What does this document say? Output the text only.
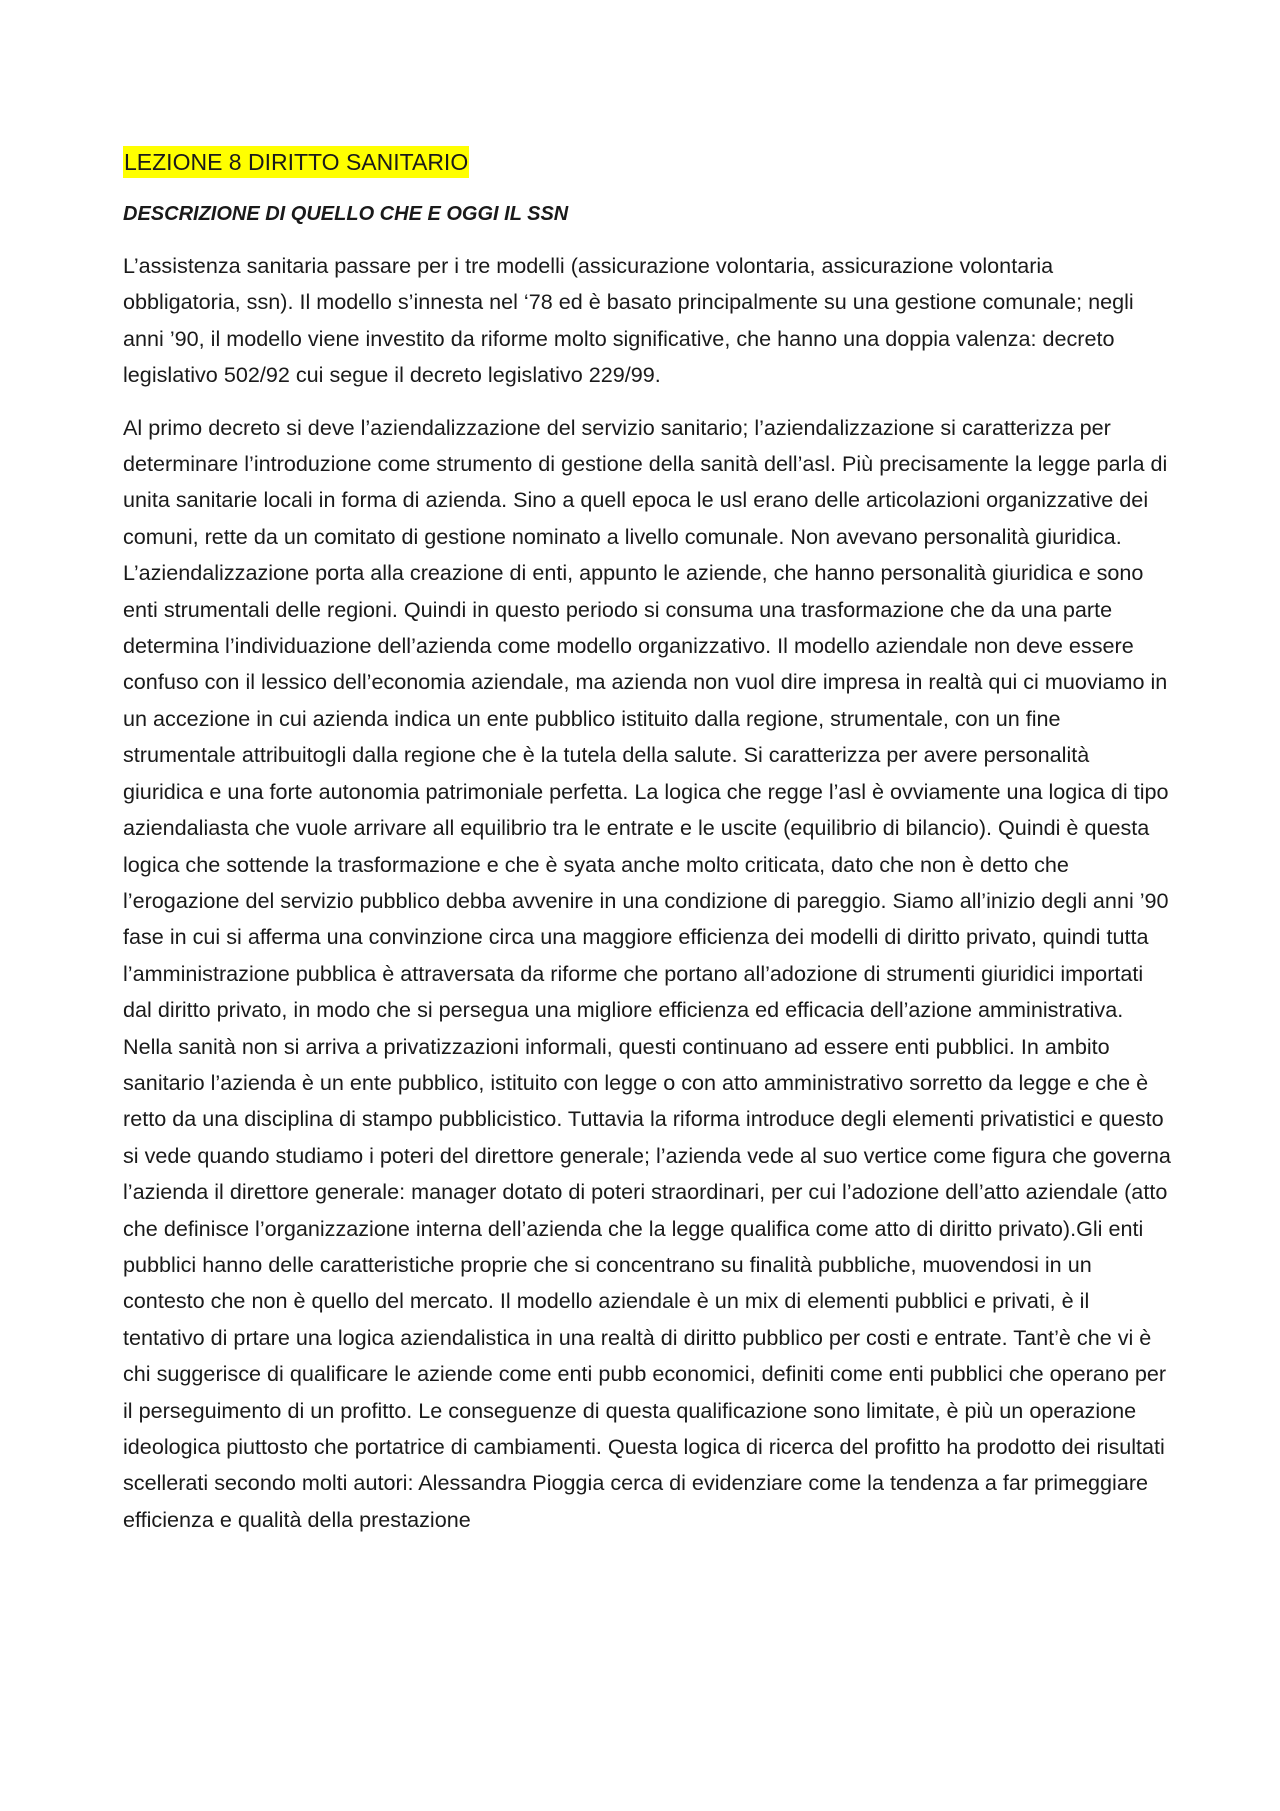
LEZIONE 8 DIRITTO SANITARIO
DESCRIZIONE DI QUELLO CHE E OGGI IL SSN

L’assistenza sanitaria passare per i tre modelli (assicurazione volontaria, assicurazione volontaria obbligatoria, ssn). Il modello s’innesta nel ‘78 ed è basato principalmente su una gestione comunale; negli anni ’90, il modello viene investito da riforme molto significative, che hanno una doppia valenza: decreto legislativo 502/92 cui segue il decreto legislativo 229/99.

Al primo decreto si deve l’aziendalizzazione del servizio sanitario; l’aziendalizzazione si caratterizza per determinare l’introduzione come strumento di gestione della sanità dell’asl. Più precisamente la legge parla di unita sanitarie locali in forma di azienda. Sino a quell epoca le usl erano delle articolazioni organizzative dei comuni, rette da un comitato di gestione nominato a livello comunale. Non avevano personalità giuridica. L’aziendalizzazione porta alla creazione di enti, appunto le aziende, che hanno personalità giuridica e sono enti strumentali delle regioni. Quindi in questo periodo si consuma una trasformazione che da una parte determina l’individuazione dell’azienda come modello organizzativo. Il modello aziendale non deve essere confuso con il lessico dell’economia aziendale, ma azienda non vuol dire impresa in realtà qui ci muoviamo in un accezione in cui azienda indica un ente pubblico istituito dalla regione, strumentale, con un fine strumentale attribuitogli dalla regione che è la tutela della salute. Si caratterizza per avere personalità giuridica e una forte autonomia patrimoniale perfetta. La logica che regge l’asl è ovviamente una logica di tipo aziendaliasta che vuole arrivare all equilibrio tra le entrate e le uscite (equilibrio di bilancio). Quindi è questa logica che sottende la trasformazione e che è syata anche molto criticata, dato che non è detto che l’erogazione del servizio pubblico debba avvenire in una condizione di pareggio. Siamo all’inizio degli anni ’90 fase in cui si afferma una convinzione circa una maggiore efficienza dei modelli di diritto privato, quindi tutta l’amministrazione pubblica è attraversata da riforme che portano all’adozione di strumenti giuridici importati dal diritto privato, in modo che si persegua una migliore efficienza ed efficacia dell’azione amministrativa. Nella sanità non si arriva a privatizzazioni informali, questi continuano ad essere enti pubblici. In ambito sanitario l’azienda è un ente pubblico, istituito con legge o con atto amministrativo sorretto da legge e che è retto da una disciplina di stampo pubblicistico. Tuttavia la riforma introduce degli elementi privatistici e questo si vede quando studiamo i poteri del direttore generale; l’azienda vede al suo vertice come figura che governa l’azienda il direttore generale: manager dotato di poteri straordinari, per cui l’adozione dell’atto aziendale (atto che definisce l’organizzazione interna dell’azienda che la legge qualifica come atto di diritto privato).Gli enti pubblici hanno delle caratteristiche proprie che si concentrano su finalità pubbliche, muovendosi in un contesto che non è quello del mercato. Il modello aziendale è un mix di elementi pubblici e privati, è il tentativo di prtare una logica aziendalistica in una realtà di diritto pubblico per costi e entrate. Tant’è che vi è chi suggerisce di qualificare le aziende come enti pubb economici, definiti come enti pubblici che operano per il perseguimento di un profitto. Le conseguenze di questa qualificazione sono limitate, è più un operazione ideologica piuttosto che portatrice di cambiamenti. Questa logica di ricerca del profitto ha prodotto dei risultati scellerati secondo molti autori: Alessandra Pioggia cerca di evidenziare come la tendenza a far primeggiare efficienza e qualità della prestazione
